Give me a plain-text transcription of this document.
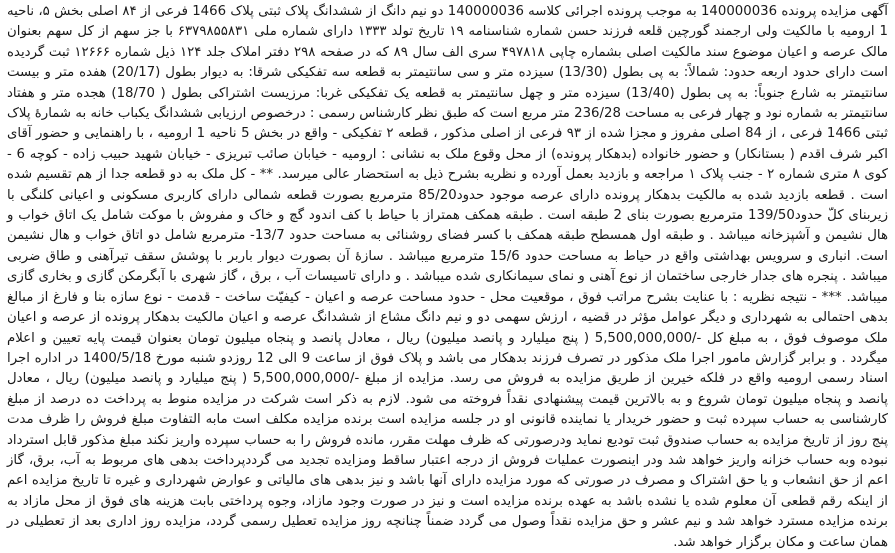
آگهی مزایده پرونده 140000036 به موجب پرونده اجرائی کلاسه 140000036 دو نیم دانگ از ششدانگ پلاک ثبتی پلاک 1466 فرعی از ۸۴ اصلی بخش ۵، ناحیه 1 ارومیه با مالکیت ولی ارجمند گورچین قلعه فرزند حسن شماره شناسنامه ۱۹ تاریخ تولد ۱۳۳۳ دارای شماره ملی ۶۳۷۹۸۵۵۸۳۱ با جز سهم از کل سهم بعنوان مالک عرصه و اعیان موضوع سند مالکیت اصلی بشماره چاپی ۴۹۷۸۱۸ سری الف سال ۸۹ که در صفحه ۲۹۸ دفتر املاک جلد ۱۲۴ ذیل شماره ۱۲۶۶۶ ثبت گردیده است دارای حدود اربعه حدود: شمالاً: به پی بطول (13/30) سیزده متر و سی سانتیمتر به قطعه سه تفکیکی شرقا: به دیوار بطول (20/17) هفده متر و بیست سانتیمتر به شارع جنوباً: به پی بطول (13/40) سیزده متر و چهل سانتیمتر به قطعه یک تفکیکی غربا: مرزیست اشتراکی بطول ( 18/70) هجده متر و هفتاد سانتیمتر به شماره نود و چهار فرعی به مساحت 236/28 متر مربع است که طبق نظر کارشناس رسمی : درخصوص ارزیابی ششدانگ یکباب خانه به شمارۀ پلاک ثبتی 1466 فرعی ، از 84 اصلی مفروز و مجزا شده از ۹۳ فرعی از اصلی مذکور ، قطعه ۲ تفکیکی - واقع در بخش 5 ناحیه 1 ارومیه ، با راهنمایی و حضور آقای اکبر شرف اقدم ( بستانکار) و حضور خانواده (بدهکار پرونده) از محل وقوع ملک به نشانی : ارومیه - خیابان صائب تبریزی - خیابان شهید حبیب زاده - کوچه 6 - کوی ۸ متری شماره ۲ - جنب پلاک ۱ مراجعه و بازدید بعمل آورده و نظریه بشرح ذیل به استحضار عالی میرسد. ** - کل ملک به دو قطعه جدا از هم تقسیم شده است . قطعه بازدید شده به مالکیت بدهکار پرونده دارای عرصه موجود حدود85/20 مترمربع بصورت قطعه شمالی دارای کاربری مسکونی و اعیانی کلنگی با زیربنای کلّ حدود139/50 مترمربع بصورت بنای 2 طبقه است . طبقه همکف همتراز با حیاط با کف اندود گچ و خاک و مفروش با موکت شامل یک اتاق خواب و هال نشیمن و آشپزخانه میباشد . و طبقه اول همسطح طبقه همکف با کسر فضای روشنائی به مساحت حدود 13/7- مترمربع شامل دو اتاق خواب و هال نشیمن است. انباری و سرویس بهداشتی واقع در حیاط به مساحت حدود 15/6 مترمربع میباشد . سازۀ آن بصورت دیوار باربر با پوشش سقف تیرآهنی و طاق ضربی میباشد . پنجره های جدار خارجی ساختمان از نوع آهنی و نمای سیمانکاری شده میباشد . و دارای تاسیسات آب ، برق ، گاز شهری با آبگرمکن گازی و بخاری گازی میباشد. *** - نتیجه نظریه : با عنایت بشرح مراتب فوق ، موقعیت محل - حدود مساحت عرصه و اعیان - کیفیّت ساخت - قدمت - نوع سازه بنا و فارغ از مبالغ بدهی احتمالی به شهرداری و دیگر عوامل مؤثر در قضیه ، ارزش سهمی دو و نیم دانگ مشاع از ششدانگ عرصه و اعیان مالکیت بدهکار پرونده از عرصه و اعیان ملک موصوف فوق ، به مبلغ کل -/5,500,000,000 ( پنج میلیارد و پانصد میلیون) ریال ، معادل پانصد و پنجاه میلیون تومان بعنوان قیمت پایه تعیین و اعلام میگردد . و برابر گزارش مامور اجرا ملک مذکور در تصرف فرزند بدهکار می باشد و پلاک فوق از ساعت 9 الی 12 روزدو شنبه مورخ 1400/5/18 در اداره اجرا اسناد رسمی ارومیه واقع در فلکه خیرین از طریق مزایده به فروش می رسد. مزایده از مبلغ -/5,500,000,000 ( پنج میلیارد و پانصد میلیون) ریال ، معادل پانصد و پنجاه میلیون تومان شروع و به بالاترین قیمت پیشنهادی نقداً فروخته می شود. لازم به ذکر است شرکت در مزایده منوط به پرداخت ده درصد از مبلغ کارشناسی به حساب سپرده ثبت و حضور خریدار یا نماینده قانونی او در جلسه مزایده است برنده مزایده مکلف است مابه التفاوت مبلغ فروش را ظرف مدت پنج روز از تاریخ مزایده به حساب صندوق ثبت تودیع نماید ودرصورتی که ظرف مهلت مقرر، مانده فروش را به حساب سپرده واریز نکند مبلغ مذکور قابل استرداد نبوده وبه حساب خزانه واریز خواهد شد ودر اینصورت عملیات فروش از درجه اعتبار ساقط ومزایده تجدید می گرددپرداخت بدهی های مربوط به آب، برق، گاز اعم از حق انشعاب و یا حق اشتراک و مصرف در صورتی که مورد مزایده دارای آنها باشد و نیز بدهی های مالیاتی و عوارض شهرداری و غیره تا تاریخ مزایده اعم از اینکه رقم قطعی آن معلوم شده یا نشده باشد به عهده برنده مزایده است و نیز در صورت وجود مازاد، وجوه پرداختی بابت هزینه های فوق از محل مازاد به برنده مزایده مسترد خواهد شد و نیم عشر و حق مزایده نقداً وصول می گردد ضمناً چنانچه روز مزایده تعطیل رسمی گردد، مزایده روز اداری بعد از تعطیلی در همان ساعت و مکان برگزار خواهد شد.
